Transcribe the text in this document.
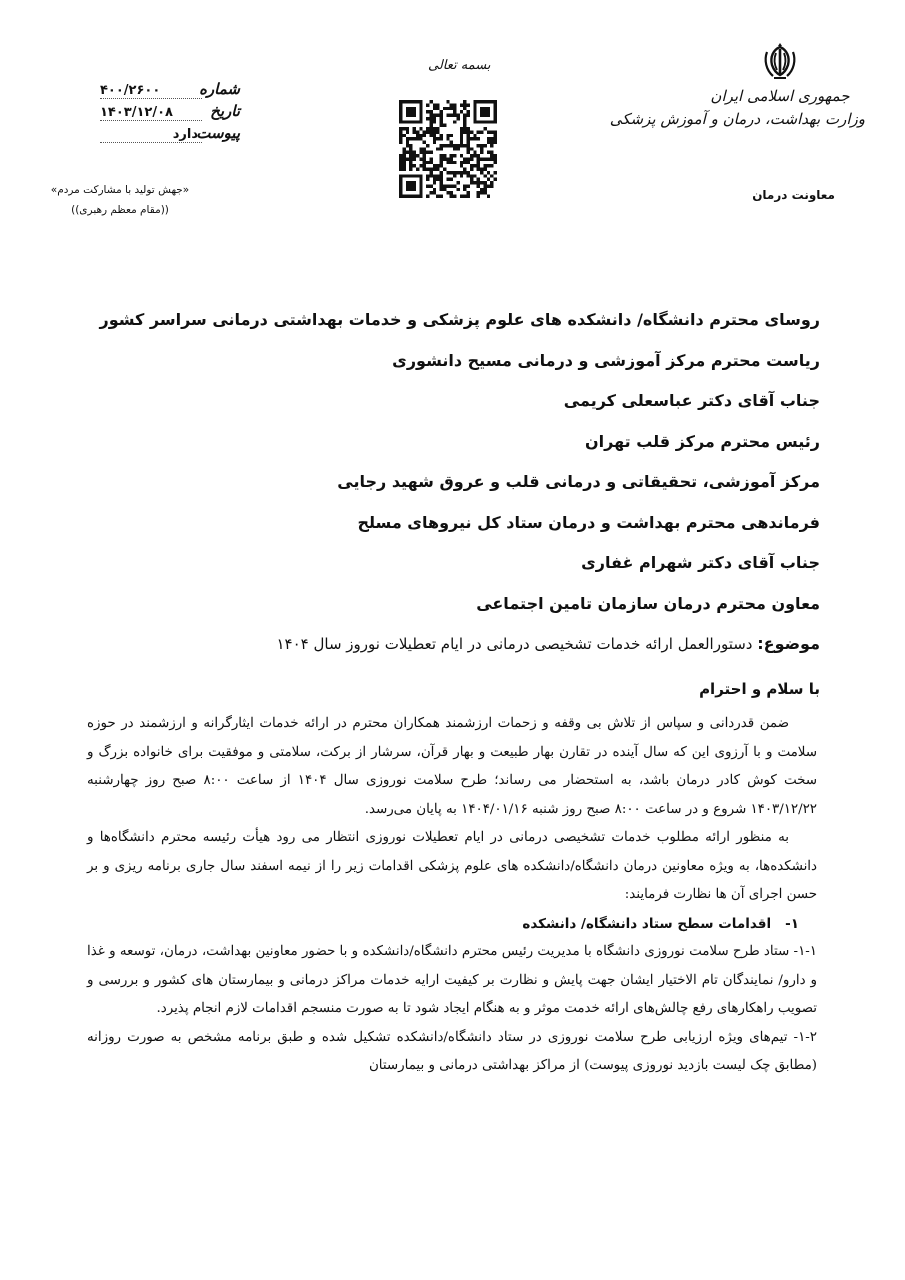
جمهوری اسلامی ایران
وزارت بهداشت، درمان و آموزش پزشکی
معاونت درمان
بسمه تعالی
شماره
۴۰۰/۲۶۰۰
تاریخ
۱۴۰۳/۱۲/۰۸
پیوست
دارد
«جهش تولید با مشارکت مردم»
((مقام معظم رهبری))
روسای محترم دانشگاه/ دانشکده های علوم پزشکی و خدمات بهداشتی درمانی سراسر کشور
ریاست محترم مرکز آموزشی و درمانی مسیح دانشوری
جناب آقای دکتر عباسعلی کریمی
رئیس محترم مرکز قلب تهران
مرکز آموزشی، تحقیقاتی و درمانی قلب و عروق شهید رجایی
فرماندهی محترم بهداشت و درمان ستاد کل نیروهای مسلح
جناب آقای دکتر شهرام غفاری
معاون محترم درمان سازمان تامین اجتماعی
موضوع: دستورالعمل ارائه خدمات تشخیصی درمانی در ایام تعطیلات نوروز سال ۱۴۰۴
با سلام و احترام

ضمن قدردانی و سپاس از تلاش بی وقفه و زحمات ارزشمند همکاران محترم در ارائه خدمات ایثارگرانه و ارزشمند در حوزه سلامت و با آرزوی این که سال آینده در تقارن بهار طبیعت و بهار قرآن، سرشار از برکت، سلامتی و موفقیت برای خانواده بزرگ و سخت کوش کادر درمان باشد، به استحضار می رساند؛ طرح سلامت نوروزی سال ۱۴۰۴ از ساعت ۸:۰۰ صبح روز چهارشنبه ۱۴۰۳/۱۲/۲۲ شروع و در ساعت ۸:۰۰ صبح روز شنبه ۱۴۰۴/۰۱/۱۶ به پایان می‌رسد.

به منظور ارائه مطلوب خدمات تشخیصی درمانی در ایام تعطیلات نوروزی انتظار می رود هیأت رئیسه محترم دانشگاه‌ها و دانشکده‌ها، به ویژه معاونین درمان دانشگاه/دانشکده های علوم پزشکی اقدامات زیر را از نیمه اسفند سال جاری برنامه ریزی و بر حسن اجرای آن ها نظارت فرمایند:

۱-اقدامات سطح ستاد دانشگاه/ دانشکده

۱-۱- ستاد طرح سلامت نوروزی دانشگاه با مدیریت رئیس محترم دانشگاه/دانشکده و با حضور معاونین بهداشت، درمان، توسعه و غذا و دارو/ نمایندگان تام الاختیار ایشان جهت پایش و نظارت بر کیفیت ارایه خدمات مراکز درمانی و بیمارستان های کشور و بررسی و تصویب راهکارهای رفع چالش‌های ارائه خدمت موثر و به هنگام ایجاد شود تا به صورت منسجم اقدامات لازم انجام پذیرد.

۱-۲- تیم‌های ویژه ارزیابی طرح سلامت نوروزی در ستاد دانشگاه/دانشکده تشکیل شده و طبق برنامه مشخص به صورت روزانه (مطابق چک لیست بازدید نوروزی پیوست) از مراکز بهداشتی درمانی و بیمارستان
